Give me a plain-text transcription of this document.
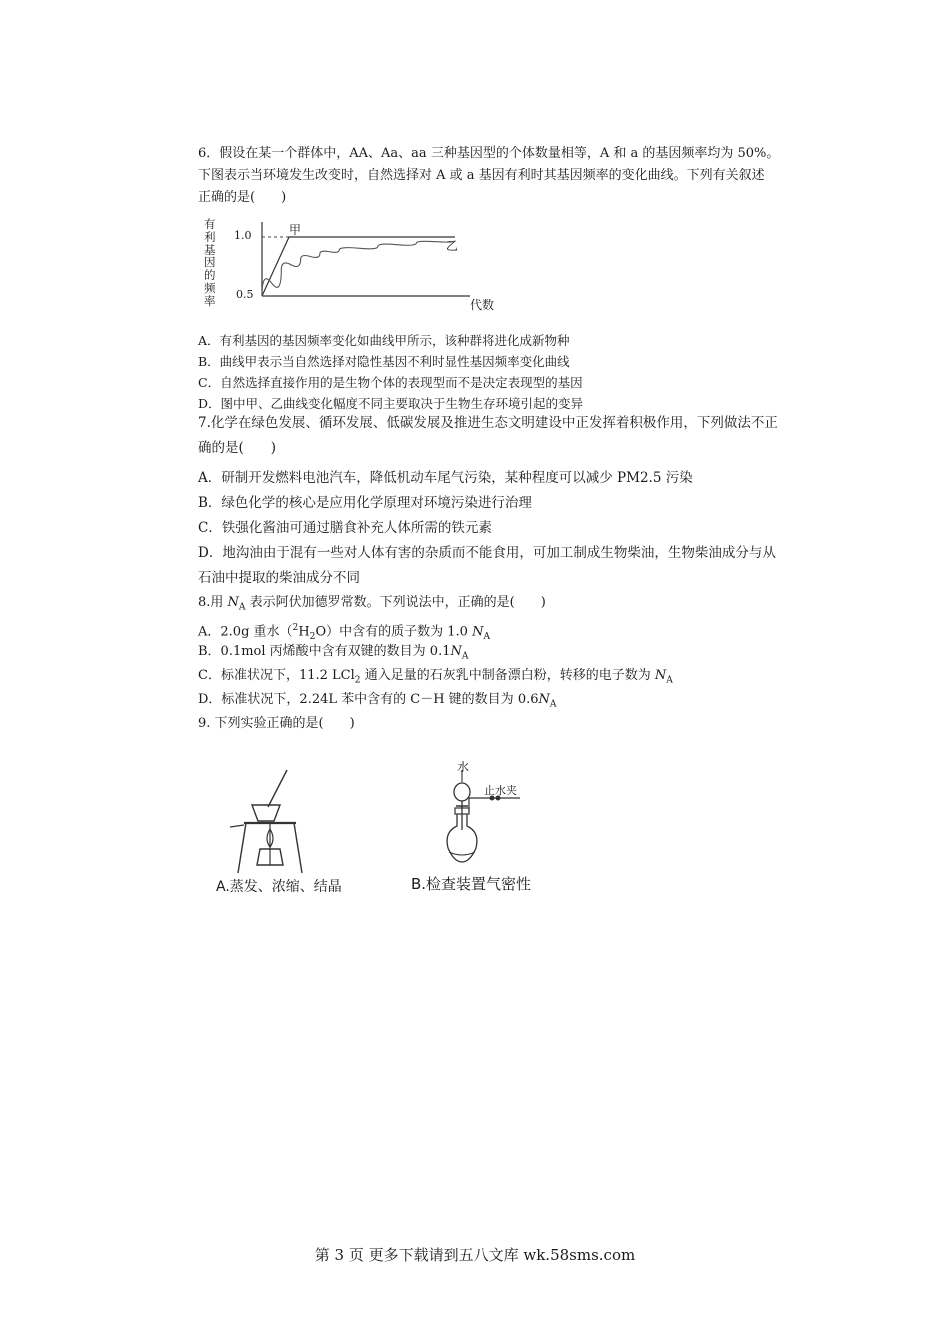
6．假设在某一个群体中，AA、Aa、aa 三种基因型的个体数量相等，A 和 a 的基因频率均为 50%。
下图表示当环境发生改变时，自然选择对 A 或 a 基因有利时其基因频率的变化曲线。下列有关叙述
正确的是(　　)
有利基因的频率
1.0
0.5
甲
乙
代数
A．有利基因的基因频率变化如曲线甲所示，该种群将进化成新物种
B．曲线甲表示当自然选择对隐性基因不利时显性基因频率变化曲线
C．自然选择直接作用的是生物个体的表现型而不是决定表现型的基因
D．图中甲、乙曲线变化幅度不同主要取决于生物生存环境引起的变异
7.化学在绿色发展、循环发展、低碳发展及推进生态文明建设中正发挥着积极作用，下列做法不正
确的是(　　)
A．研制开发燃料电池汽车，降低机动车尾气污染，某种程度可以减少 PM2.5 污染
B．绿色化学的核心是应用化学原理对环境污染进行治理
C．铁强化酱油可通过膳食补充人体所需的铁元素
D．地沟油由于混有一些对人体有害的杂质而不能食用，可加工制成生物柴油，生物柴油成分与从
石油中提取的柴油成分不同
8.用 $N_A$ 表示阿伏加德罗常数。下列说法中，正确的是(　　)
A．2.0g 重水$(^2H_2O)$中含有的质子数为 1.0 $N_A$
B．0.1mol 丙烯酸中含有双键的数目为 $0.1N_A$
C．标准状况下，11.2 LCl$_2$ 通入足量的石灰乳中制备漂白粉，转移的电子数为 $N_A$
D．标准状况下，2.24L 苯中含有的 C－H 键的数目为 $0.6N_A$
9. 下列实验正确的是(　　)
水
止水夹
A.蒸发、浓缩、结晶	B.检查装置气密性
第 3 页 更多下载请到五八文库 wk.58sms.com
